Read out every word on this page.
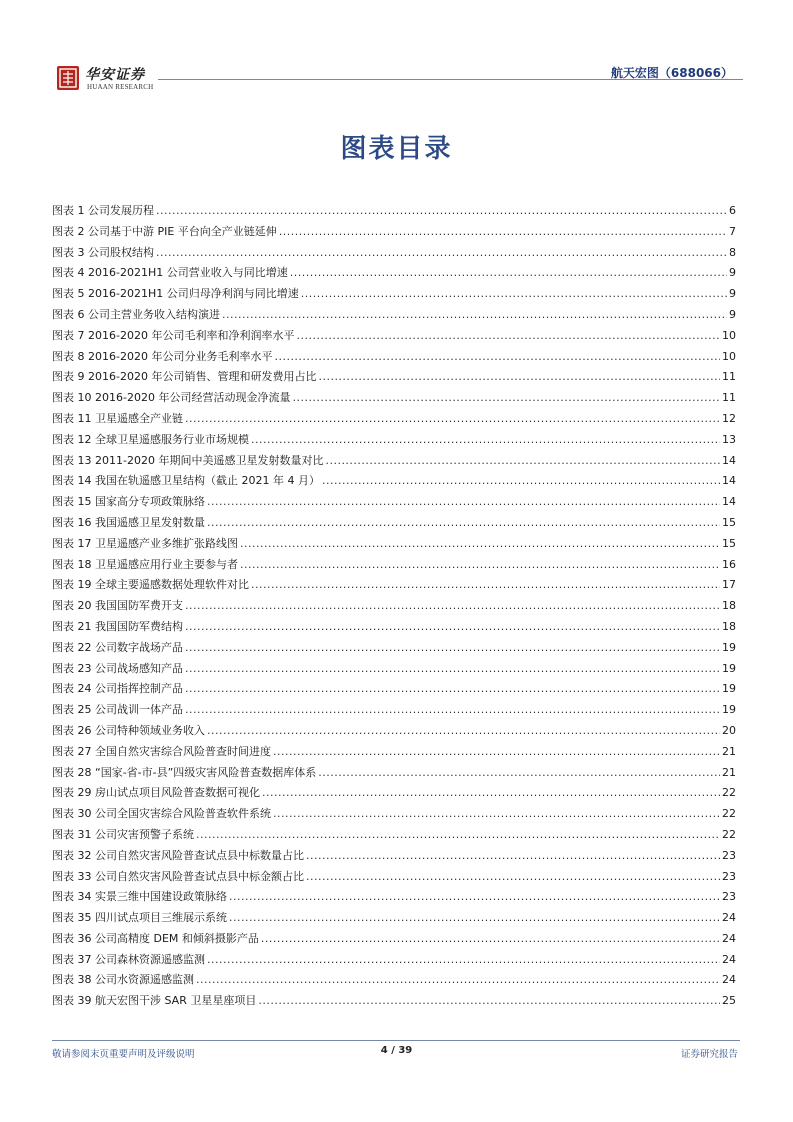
华安证券
HUAAN RESEARCH
航天宏图（688066）
图表目录
图表 1 公司发展历程 .....	6
图表 2 公司基于中游 PIE 平台向全产业链延伸 .....	7
图表 3 公司股权结构 .....	8
图表 4 2016-2021H1 公司营业收入与同比增速 .....	9
图表 5 2016-2021H1 公司归母净利润与同比增速 .....	9
图表 6 公司主营业务收入结构演进 .....	9
图表 7 2016-2020 年公司毛利率和净利润率水平 .....	10
图表 8 2016-2020 年公司分业务毛利率水平 .....	10
图表 9 2016-2020 年公司销售、管理和研发费用占比 .....	11
图表 10 2016-2020 年公司经营活动现金净流量 .....	11
图表 11 卫星遥感全产业链 .....	12
图表 12 全球卫星遥感服务行业市场规模 .....	13
图表 13 2011-2020 年期间中美遥感卫星发射数量对比 .....	14
图表 14 我国在轨遥感卫星结构（截止 2021 年 4 月） .....	14
图表 15 国家高分专项政策脉络 .....	14
图表 16 我国遥感卫星发射数量 .....	15
图表 17 卫星遥感产业多维扩张路线图 .....	15
图表 18 卫星遥感应用行业主要参与者 .....	16
图表 19 全球主要遥感数据处理软件对比 .....	17
图表 20 我国国防军费开支 .....	18
图表 21 我国国防军费结构 .....	18
图表 22 公司数字战场产品 .....	19
图表 23 公司战场感知产品 .....	19
图表 24 公司指挥控制产品 .....	19
图表 25 公司战训一体产品 .....	19
图表 26 公司特种领域业务收入 .....	20
图表 27 全国自然灾害综合风险普查时间进度 .....	21
图表 28 “国家-省-市-县”四级灾害风险普查数据库体系 .....	21
图表 29 房山试点项目风险普查数据可视化 .....	22
图表 30 公司全国灾害综合风险普查软件系统 .....	22
图表 31 公司灾害预警子系统 .....	22
图表 32 公司自然灾害风险普查试点县中标数量占比 .....	23
图表 33 公司自然灾害风险普查试点县中标金额占比 .....	23
图表 34 实景三维中国建设政策脉络 .....	23
图表 35 四川试点项目三维展示系统 .....	24
图表 36 公司高精度 DEM 和倾斜摄影产品 .....	24
图表 37 公司森林资源遥感监测 .....	24
图表 38 公司水资源遥感监测 .....	24
图表 39 航天宏图干涉 SAR 卫星星座项目 .....	25
敬请参阅末页重要声明及评级说明	4 / 39	证券研究报告
